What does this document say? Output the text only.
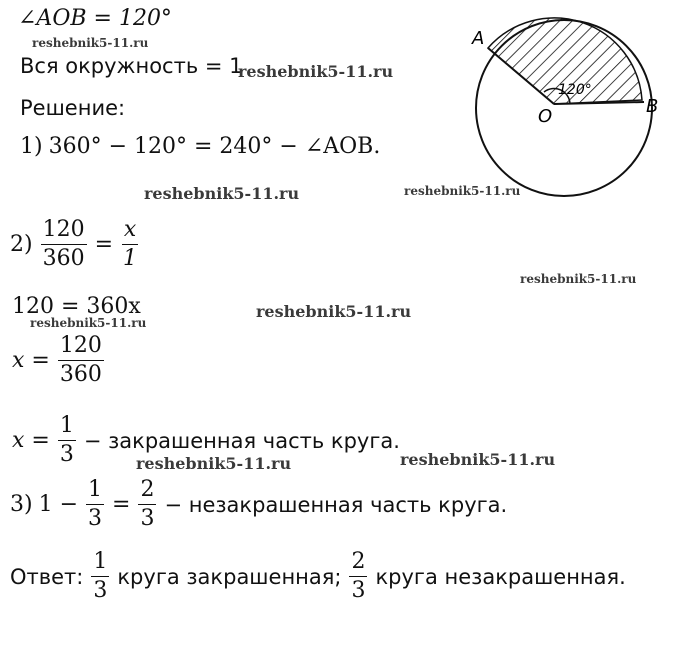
A
B
O
120°
∠AOB = 120°
Вся окружность = 1
Решение:
1) 360° − 120° = 240° − ∠AOB.
$2) \frac{120}{360} = \frac{x}{1}$
120 = 360x
$x = \frac{120}{360}$
$x = \frac{1}{3}$ − закрашенная часть круга.
3) $1 - \frac{1}{3} = \frac{2}{3}$ − незакрашенная часть круга.
Ответ: $\frac{1}{3}$ круга закрашенная; $\frac{2}{3}$ круга незакрашенная.
reshebnik5-11.ru
reshebnik5-11.ru
reshebnik5-11.ru	reshebnik5-11.ru
reshebnik5-11.ru
reshebnik5-11.ru
reshebnik5-11.ru
reshebnik5-11.ru	reshebnik5-11.ru
